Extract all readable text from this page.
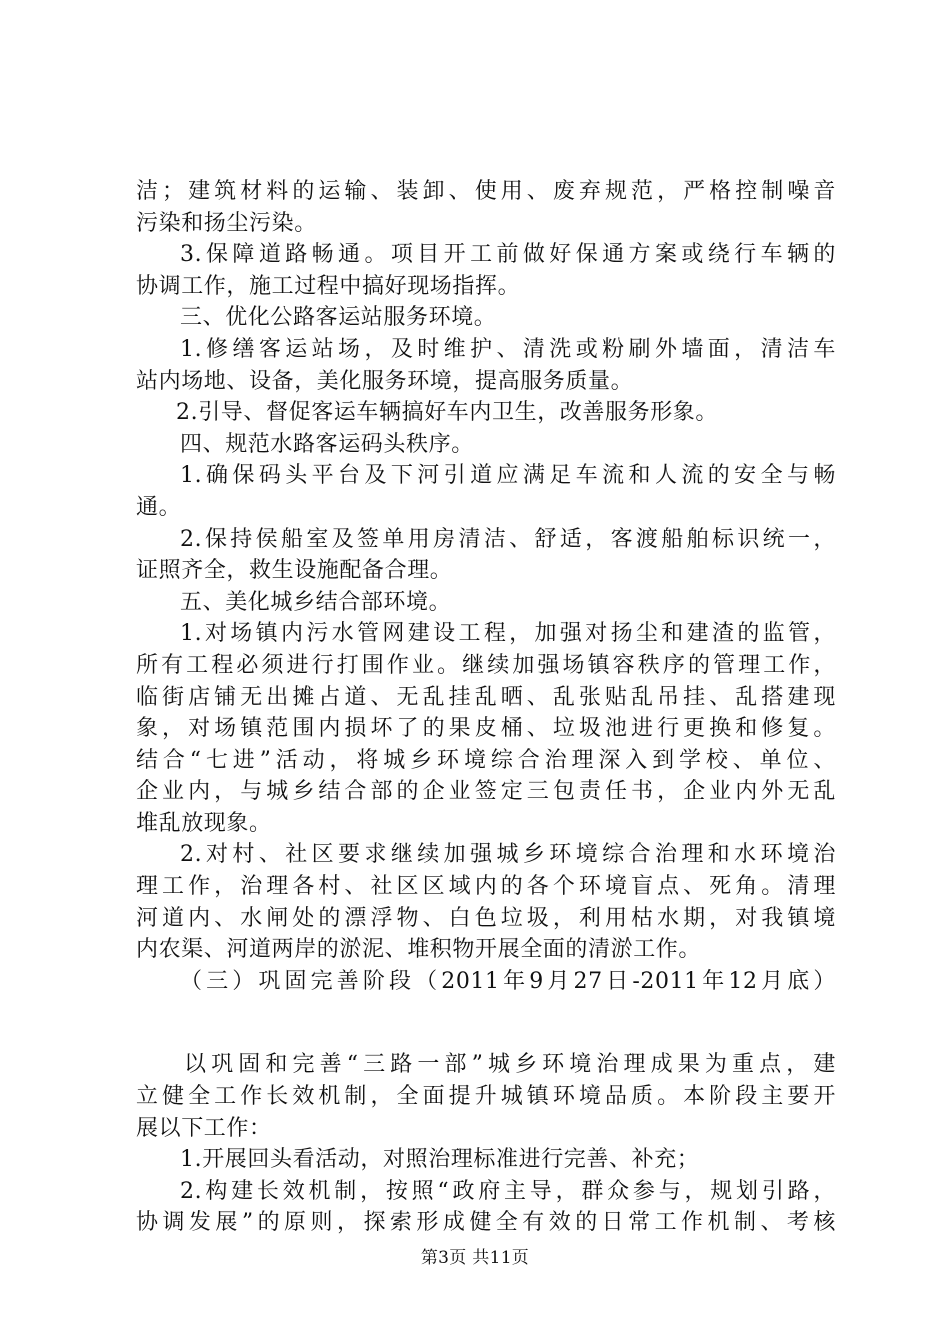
洁；建筑材料的运输、装卸、使用、废弃规范，严格控制噪音
污染和扬尘污染。
3.保障道路畅通。项目开工前做好保通方案或绕行车辆的
协调工作，施工过程中搞好现场指挥。
三、优化公路客运站服务环境。
1.修缮客运站场，及时维护、清洗或粉刷外墙面，清洁车
站内场地、设备，美化服务环境，提高服务质量。
2.引导、督促客运车辆搞好车内卫生，改善服务形象。
四、规范水路客运码头秩序。
1.确保码头平台及下河引道应满足车流和人流的安全与畅
通。
2.保持侯船室及签单用房清洁、舒适，客渡船舶标识统一，
证照齐全，救生设施配备合理。
五、美化城乡结合部环境。
1.对场镇内污水管网建设工程，加强对扬尘和建渣的监管，
所有工程必须进行打围作业。继续加强场镇容秩序的管理工作，
临街店铺无出摊占道、无乱挂乱晒、乱张贴乱吊挂、乱搭建现
象，对场镇范围内损坏了的果皮桶、垃圾池进行更换和修复。
结合“七进”活动，将城乡环境综合治理深入到学校、单位、
企业内，与城乡结合部的企业签定三包责任书，企业内外无乱
堆乱放现象。
2.对村、社区要求继续加强城乡环境综合治理和水环境治
理工作，治理各村、社区区域内的各个环境盲点、死角。清理
河道内、水闸处的漂浮物、白色垃圾，利用枯水期，对我镇境
内农渠、河道两岸的淤泥、堆积物开展全面的清淤工作。
（三）巩固完善阶段（2011年9月27日-2011年12月底）
以巩固和完善“三路一部”城乡环境治理成果为重点，建
立健全工作长效机制，全面提升城镇环境品质。本阶段主要开
展以下工作：
1.开展回头看活动，对照治理标准进行完善、补充；
2.构建长效机制，按照“政府主导，群众参与，规划引路，
协调发展”的原则，探索形成健全有效的日常工作机制、考核
第3页 共11页
